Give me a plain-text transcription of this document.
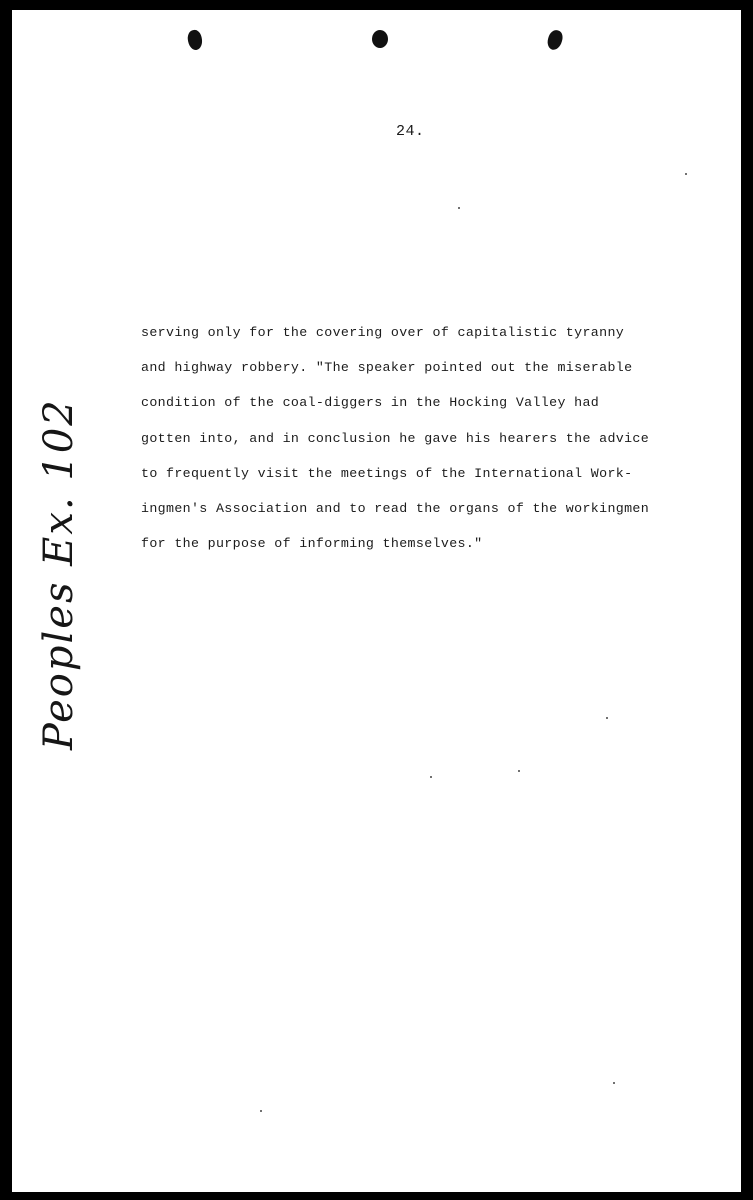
24.
serving only for the covering over of capitalistic tyranny
and highway robbery. "The speaker pointed out the miserable
condition of the coal-diggers in the Hocking Valley had
gotten into, and in conclusion he gave his hearers the advice
to frequently visit the meetings of the International Work-
ingmen's Association and to read the organs of the workingmen
for the purpose of informing themselves."
Peoples Ex. 102
